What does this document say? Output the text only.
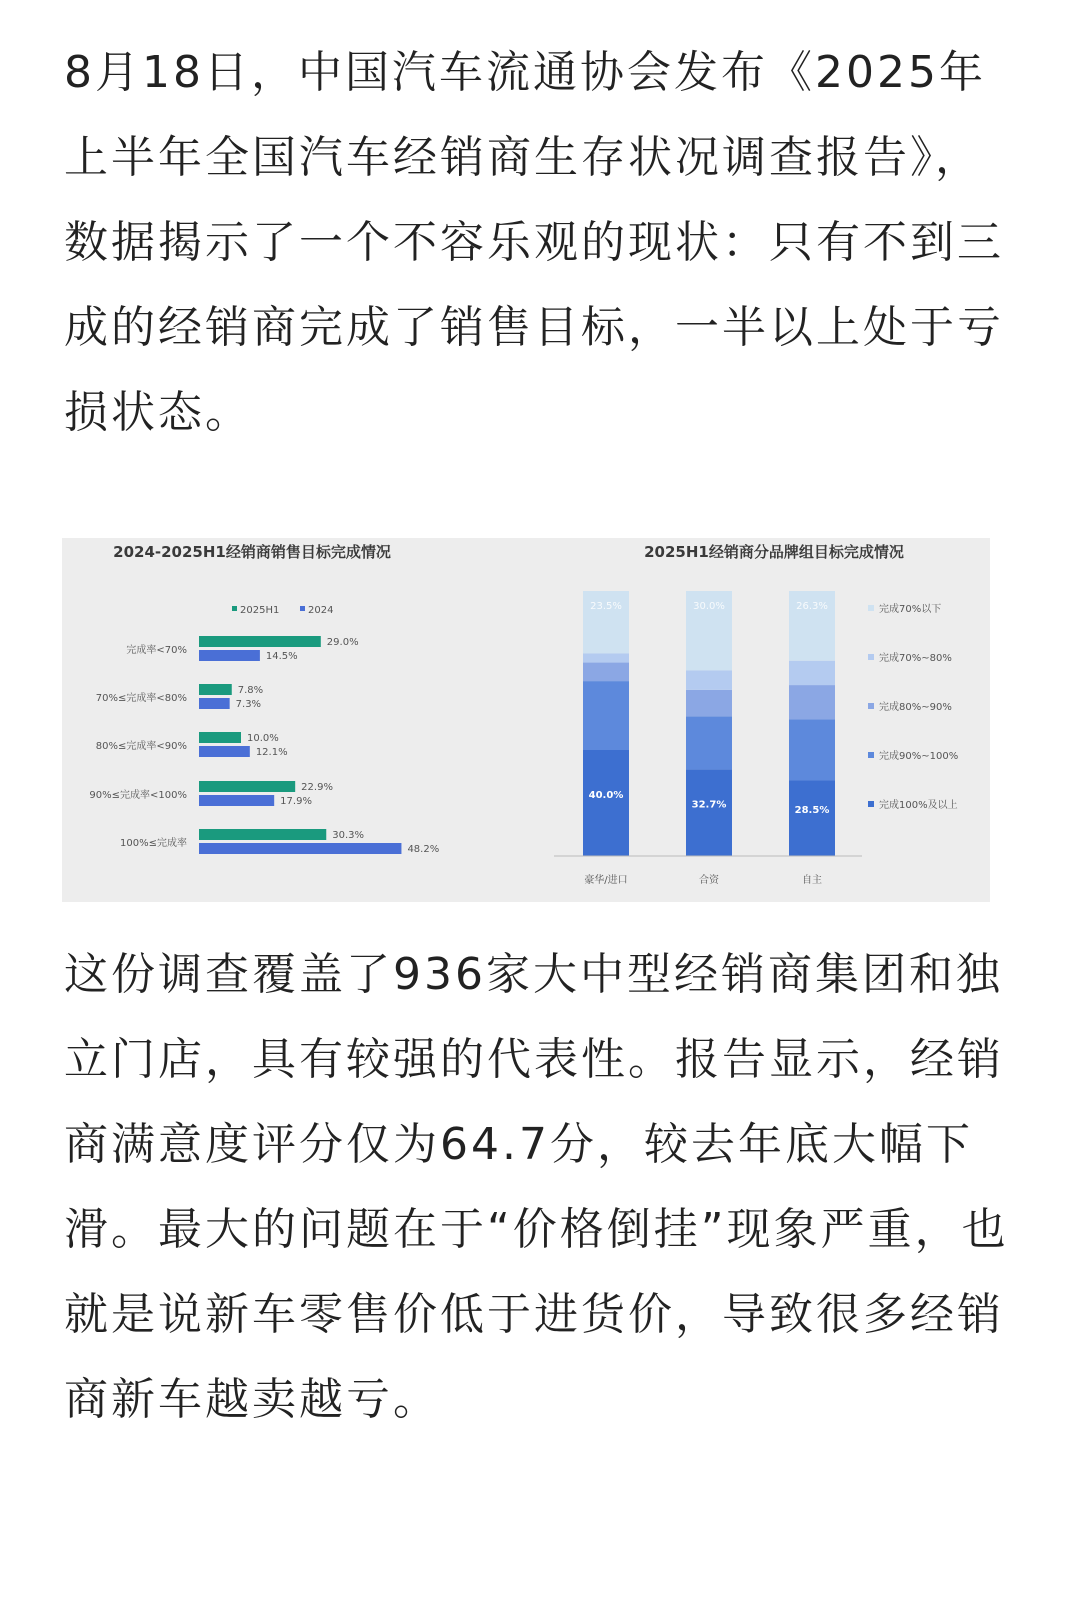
8月18日，中国汽车流通协会发布《2025年上半年全国汽车经销商生存状况调查报告》，数据揭示了一个不容乐观的现状：只有不到三成的经销商完成了销售目标，一半以上处于亏损状态。

2024-2025H1经销商销售目标完成情况
2025H1	2024
完成率<70%
29.0%
14.5%
70%≤完成率<80%
7.8%
7.3%
80%≤完成率<90%
10.0%
12.1%
90%≤完成率<100%
22.9%
17.9%
100%≤完成率
30.3%
48.2%
2025H1经销商分品牌组目标完成情况
40.0%
23.5%
豪华/进口
32.7%
30.0%
合资
28.5%
26.3%
自主
完成70%以下
完成70%~80%
完成80%~90%
完成90%~100%
完成100%及以上

这份调查覆盖了936家大中型经销商集团和独立门店，具有较强的代表性。报告显示，经销商满意度评分仅为64.7分，较去年底大幅下滑。最大的问题在于“价格倒挂”现象严重，也就是说新车零售价低于进货价，导致很多经销商新车越卖越亏。
